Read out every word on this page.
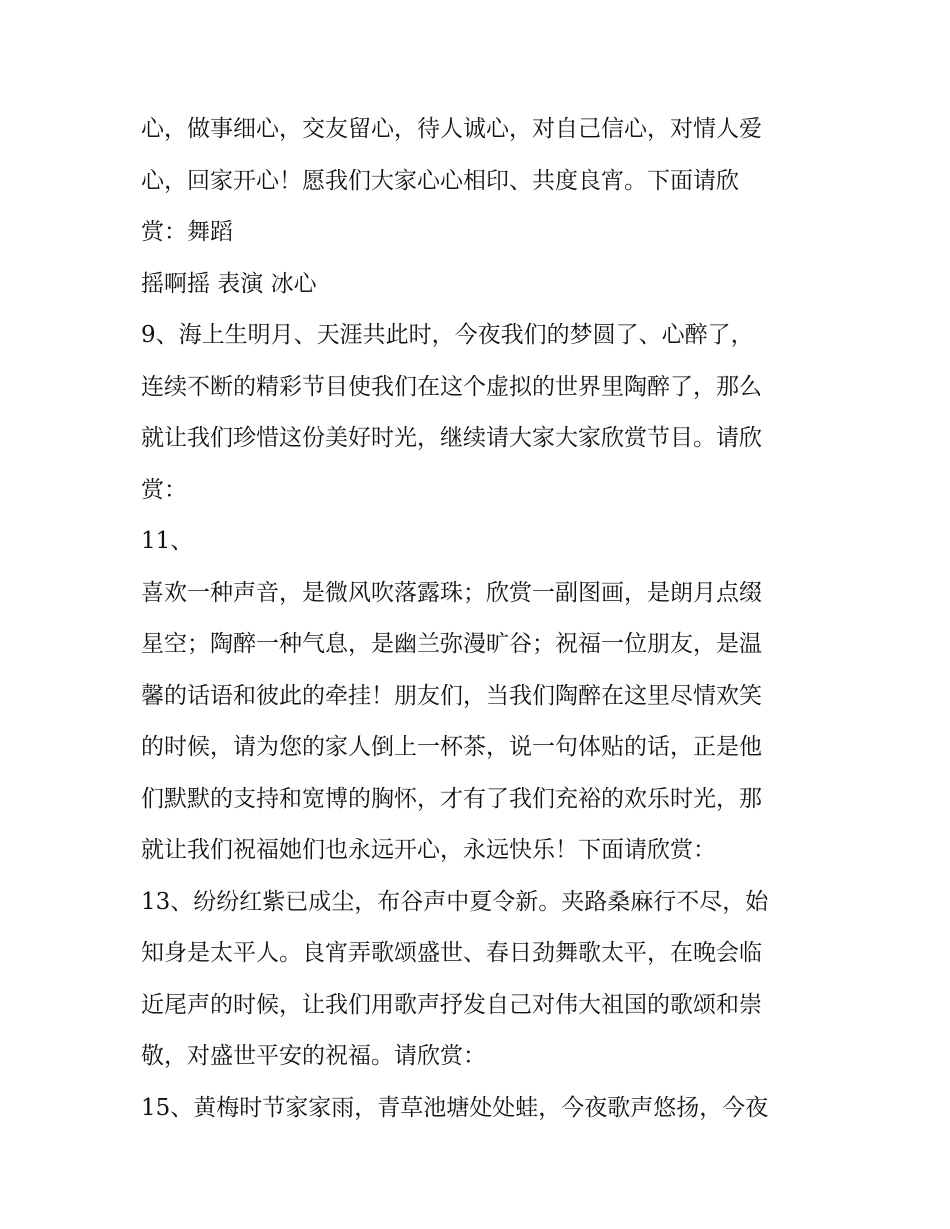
心，做事细心，交友留心，待人诚心，对自己信心，对情人爱
心，回家开心！愿我们大家心心相印、共度良宵。下面请欣
赏：舞蹈
摇啊摇 表演 冰心
9、海上生明月、天涯共此时，今夜我们的梦圆了、心醉了，
连续不断的精彩节目使我们在这个虚拟的世界里陶醉了，那么
就让我们珍惜这份美好时光，继续请大家大家欣赏节目。请欣
赏：
11、
喜欢一种声音，是微风吹落露珠；欣赏一副图画，是朗月点缀
星空；陶醉一种气息，是幽兰弥漫旷谷；祝福一位朋友，是温
馨的话语和彼此的牵挂！朋友们，当我们陶醉在这里尽情欢笑
的时候，请为您的家人倒上一杯茶，说一句体贴的话，正是他
们默默的支持和宽博的胸怀，才有了我们充裕的欢乐时光，那
就让我们祝福她们也永远开心，永远快乐！下面请欣赏：
13、纷纷红紫已成尘，布谷声中夏令新。夹路桑麻行不尽，始
知身是太平人。良宵弄歌颂盛世、春日劲舞歌太平，在晚会临
近尾声的时候，让我们用歌声抒发自己对伟大祖国的歌颂和崇
敬，对盛世平安的祝福。请欣赏：
15、黄梅时节家家雨，青草池塘处处蛙，今夜歌声悠扬，今夜
